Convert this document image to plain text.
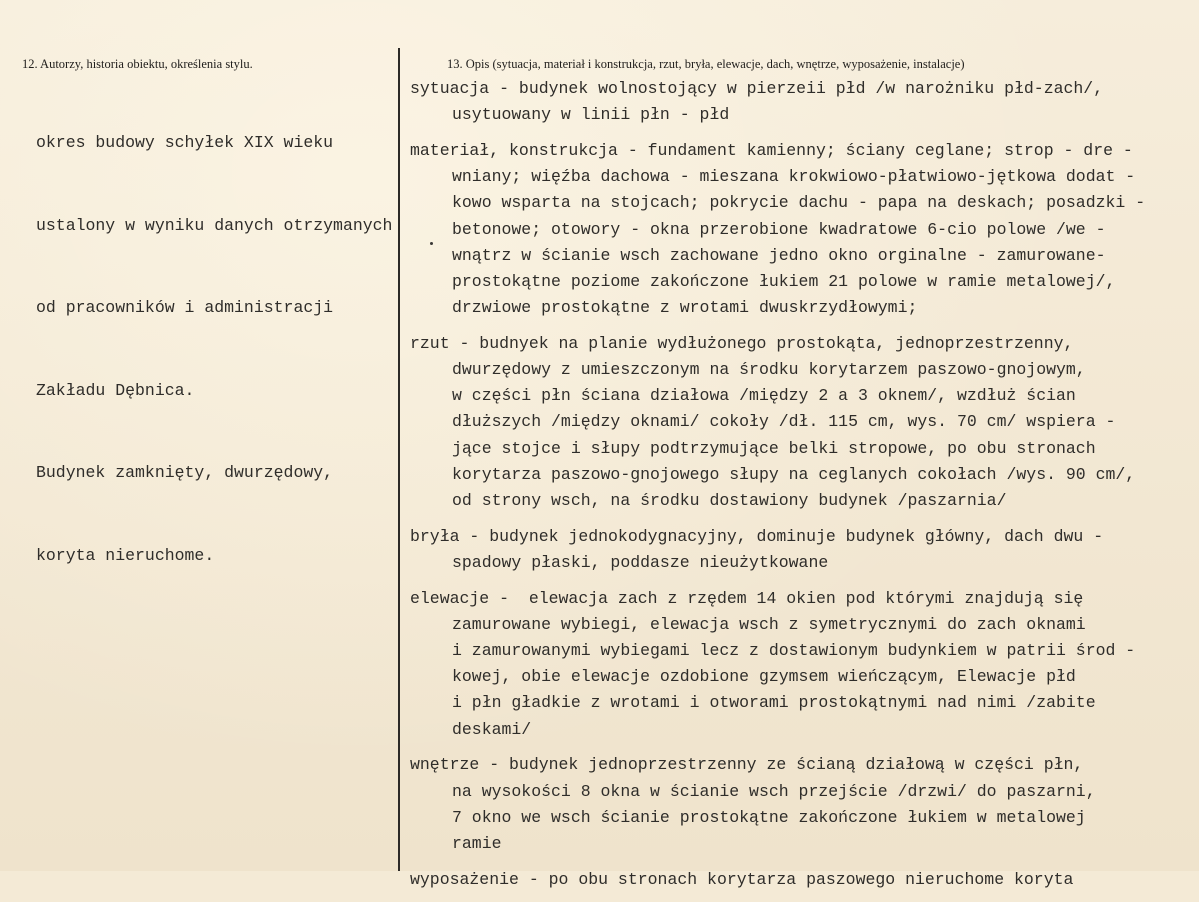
12. Autorzy, historia obiektu, określenia stylu.	13. Opis (sytuacja, materiał i konstrukcja, rzut, bryła, elewacje, dach, wnętrze, wyposażenie, instalacje)

okres budowy schyłek XIX wieku

ustalony w wyniku danych otrzymanych

od pracowników i administracji

Zakładu Dębnica.

Budynek zamknięty, dwurzędowy,

koryta nieruchome.

sytuacja - budynek wolnostojący w pierzeii płd /w narożniku płd-zach/,
usytuowany w linii płn - płd
materiał, konstrukcja - fundament kamienny; ściany ceglane; strop - dre -
wniany; więźba dachowa - mieszana krokwiowo-płatwiowo-jętkowa dodat -
kowo wsparta na stojcach; pokrycie dachu - papa na deskach; posadzki -
betonowe; otowory - okna przerobione kwadratowe 6-cio polowe /we -
wnątrz w ścianie wsch zachowane jedno okno orginalne - zamurowane-
prostokątne poziome zakończone łukiem 21 polowe w ramie metalowej/,
drzwiowe prostokątne z wrotami dwuskrzydłowymi;
rzut - budnyek na planie wydłużonego prostokąta, jednoprzestrzenny,
dwurzędowy z umieszczonym na środku korytarzem paszowo-gnojowym,
w części płn ściana działowa /między 2 a 3 oknem/, wzdłuż ścian
dłuższych /między oknami/ cokoły /dł. 115 cm, wys. 70 cm/ wspiera -
jące stojce i słupy podtrzymujące belki stropowe, po obu stronach
korytarza paszowo-gnojowego słupy na ceglanych cokołach /wys. 90 cm/,
od strony wsch, na środku dostawiony budynek /paszarnia/
bryła - budynek jednokodygnacyjny, dominuje budynek główny, dach dwu -
spadowy płaski, poddasze nieużytkowane
elewacje -  elewacja zach z rzędem 14 okien pod którymi znajdują się
zamurowane wybiegi, elewacja wsch z symetrycznymi do zach oknami
i zamurowanymi wybiegami lecz z dostawionym budynkiem w patrii środ -
kowej, obie elewacje ozdobione gzymsem wieńczącym, Elewacje płd
i płn gładkie z wrotami i otworami prostokątnymi nad nimi /zabite
deskami/
wnętrze - budynek jednoprzestrzenny ze ścianą działową w części płn,
na wysokości 8 okna w ścianie wsch przejście /drzwi/ do paszarni,
7 okno we wsch ścianie prostokątne zakończone łukiem w metalowej
ramie
wyposażenie - po obu stronach korytarza paszowego nieruchome koryta
